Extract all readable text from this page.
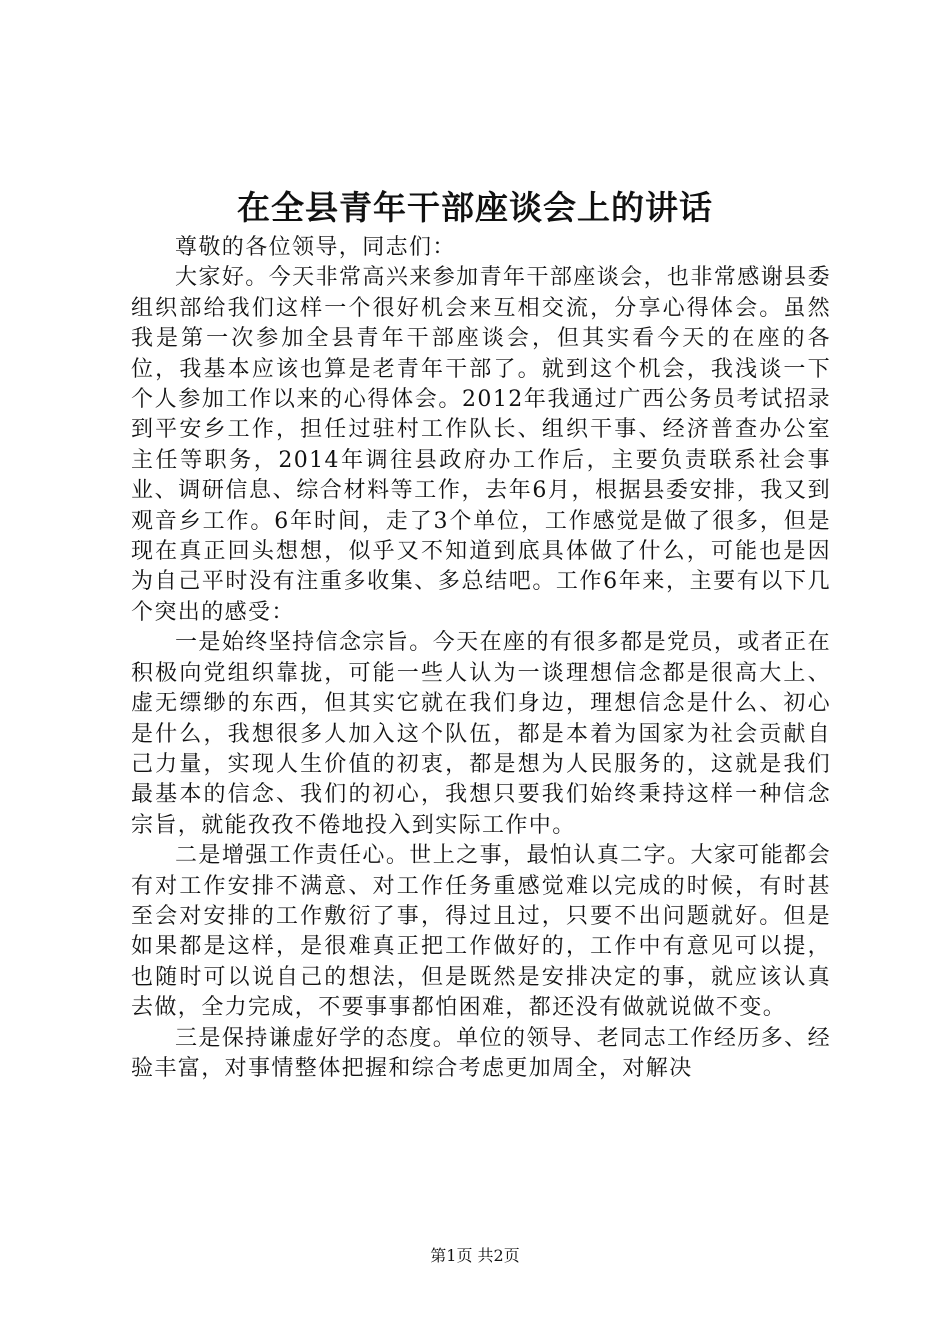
在全县青年干部座谈会上的讲话

尊敬的各位领导，同志们：

大家好。今天非常高兴来参加青年干部座谈会，也非常感谢县委组织部给我们这样一个很好机会来互相交流，分享心得体会。虽然我是第一次参加全县青年干部座谈会，但其实看今天的在座的各位，我基本应该也算是老青年干部了。就到这个机会，我浅谈一下个人参加工作以来的心得体会。2012年我通过广西公务员考试招录到平安乡工作，担任过驻村工作队长、组织干事、经济普查办公室主任等职务，2014年调往县政府办工作后，主要负责联系社会事业、调研信息、综合材料等工作，去年6月，根据县委安排，我又到观音乡工作。6年时间，走了3个单位，工作感觉是做了很多，但是现在真正回头想想，似乎又不知道到底具体做了什么，可能也是因为自己平时没有注重多收集、多总结吧。工作6年来，主要有以下几个突出的感受：

一是始终坚持信念宗旨。今天在座的有很多都是党员，或者正在积极向党组织靠拢，可能一些人认为一谈理想信念都是很高大上、虚无缥缈的东西，但其实它就在我们身边，理想信念是什么、初心是什么，我想很多人加入这个队伍，都是本着为国家为社会贡献自己力量，实现人生价值的初衷，都是想为人民服务的，这就是我们最基本的信念、我们的初心，我想只要我们始终秉持这样一种信念宗旨，就能孜孜不倦地投入到实际工作中。

二是增强工作责任心。世上之事，最怕认真二字。大家可能都会有对工作安排不满意、对工作任务重感觉难以完成的时候，有时甚至会对安排的工作敷衍了事，得过且过，只要不出问题就好。但是如果都是这样，是很难真正把工作做好的，工作中有意见可以提，也随时可以说自己的想法，但是既然是安排决定的事，就应该认真去做，全力完成，不要事事都怕困难，都还没有做就说做不变。

三是保持谦虚好学的态度。单位的领导、老同志工作经历多、经验丰富，对事情整体把握和综合考虑更加周全，对解决

第1页 共2页
